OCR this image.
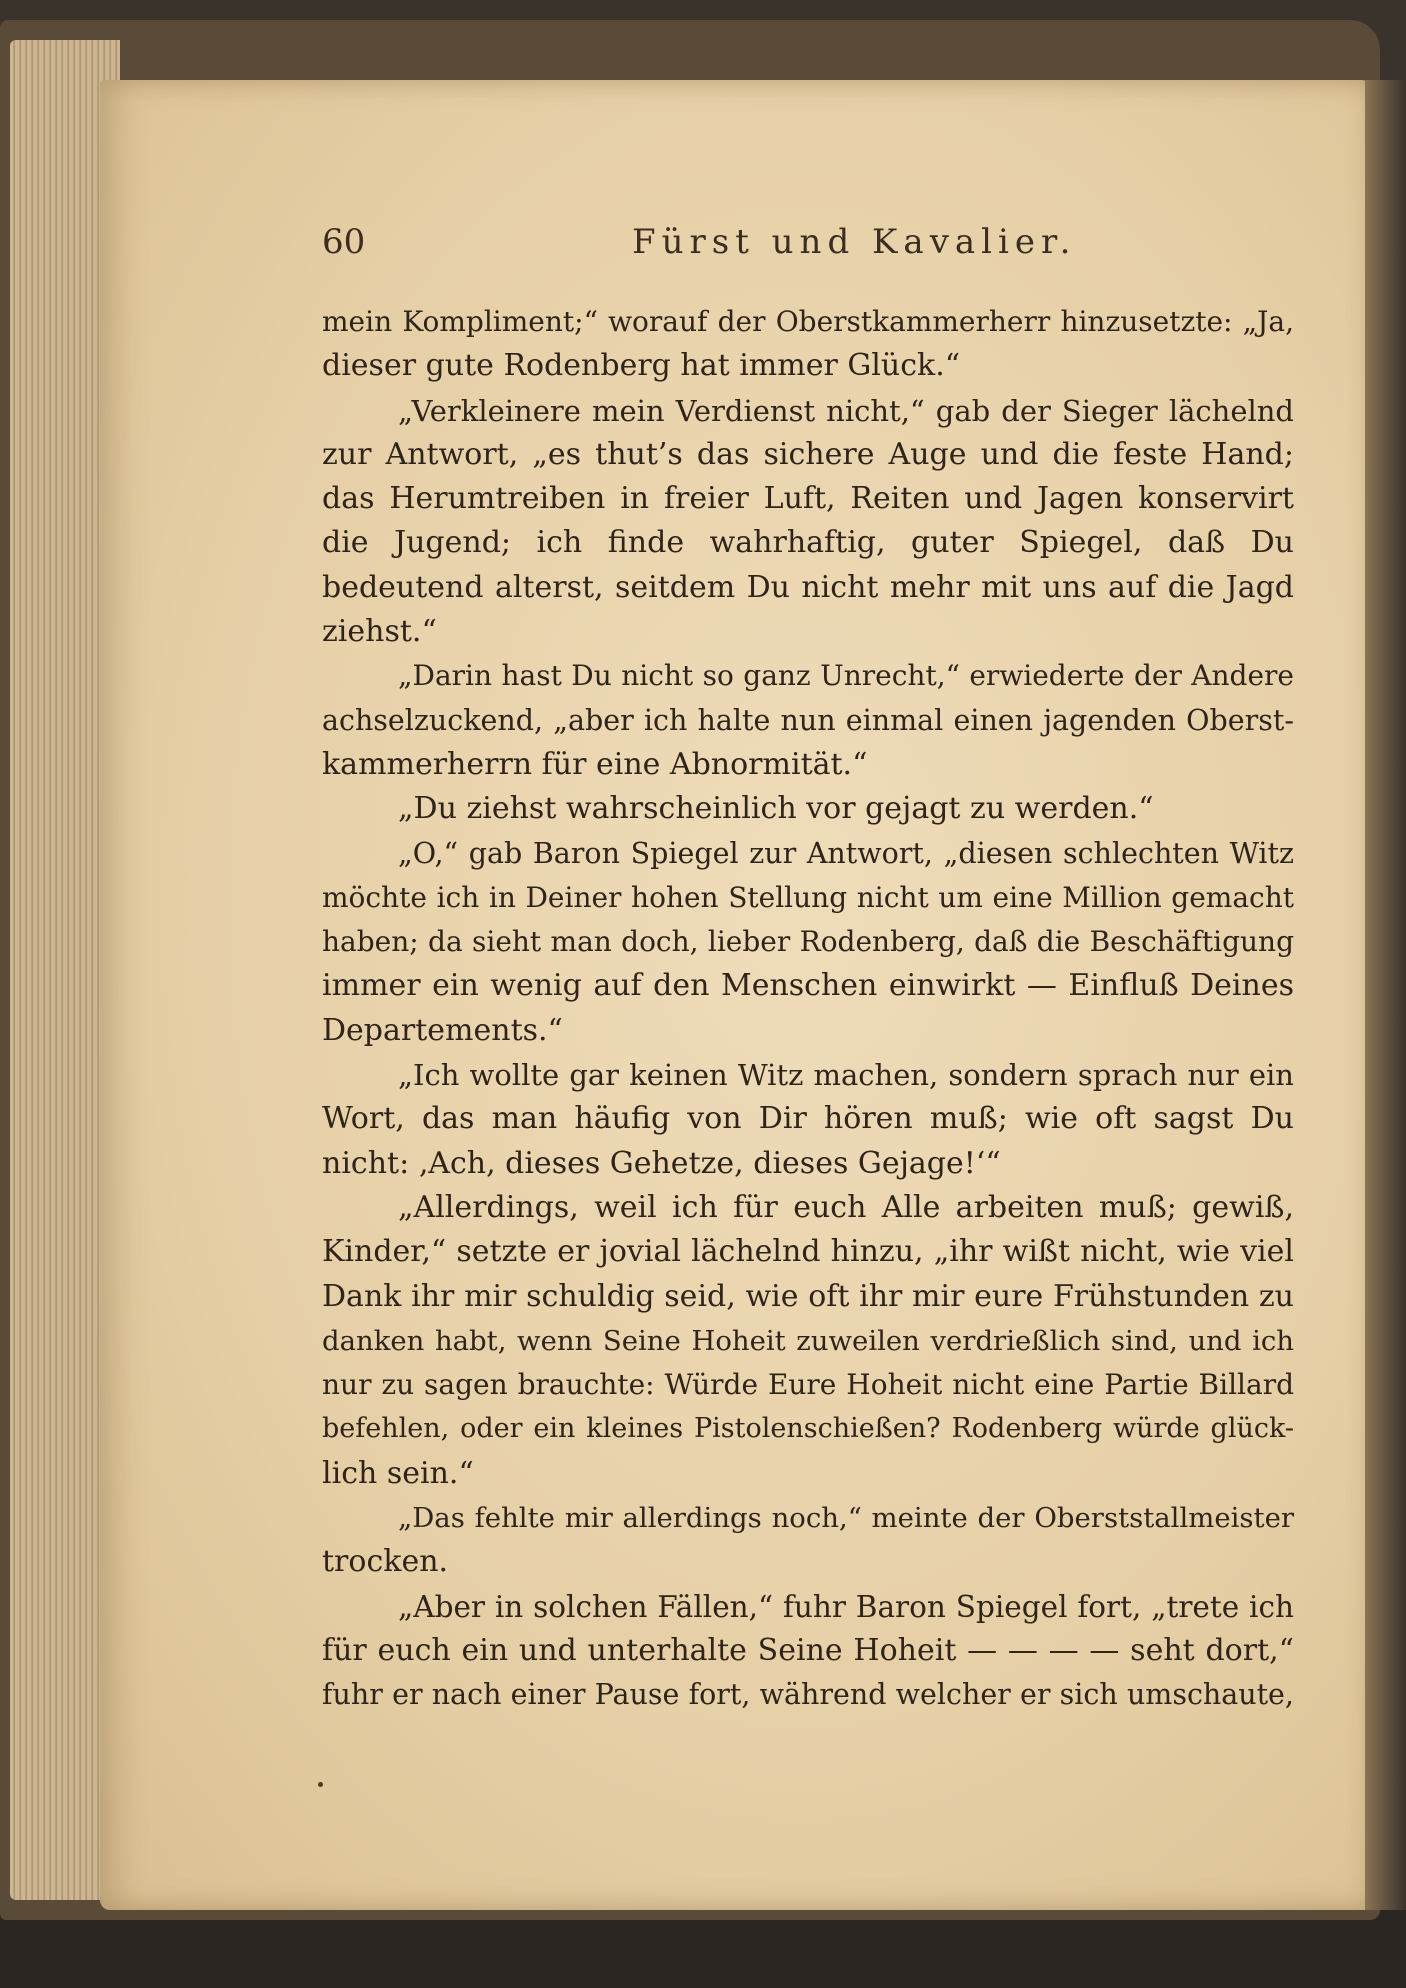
60	Fürst und Kavalier.
mein Kompliment;“ worauf der Oberstkammerherr hinzusetzte: „Ja,
dieser gute Rodenberg hat immer Glück.“
„Verkleinere mein Verdienst nicht,“ gab der Sieger lächelnd
zur Antwort, „es thut’s das sichere Auge und die feste Hand;
das Herumtreiben in freier Luft, Reiten und Jagen konservirt
die Jugend; ich finde wahrhaftig, guter Spiegel, daß Du
bedeutend alterst, seitdem Du nicht mehr mit uns auf die Jagd
ziehst.“
„Darin hast Du nicht so ganz Unrecht,“ erwiederte der Andere
achselzuckend, „aber ich halte nun einmal einen jagenden Oberst-
kammerherrn für eine Abnormität.“
„Du ziehst wahrscheinlich vor gejagt zu werden.“
„O,“ gab Baron Spiegel zur Antwort, „diesen schlechten Witz
möchte ich in Deiner hohen Stellung nicht um eine Million gemacht
haben; da sieht man doch, lieber Rodenberg, daß die Beschäftigung
immer ein wenig auf den Menschen einwirkt — Einfluß Deines
Departements.“
„Ich wollte gar keinen Witz machen, sondern sprach nur ein
Wort, das man häufig von Dir hören muß; wie oft sagst Du
nicht: ‚Ach, dieses Gehetze, dieses Gejage!‘“
„Allerdings, weil ich für euch Alle arbeiten muß; gewiß,
Kinder,“ setzte er jovial lächelnd hinzu, „ihr wißt nicht, wie viel
Dank ihr mir schuldig seid, wie oft ihr mir eure Frühstunden zu
danken habt, wenn Seine Hoheit zuweilen verdrießlich sind, und ich
nur zu sagen brauchte: Würde Eure Hoheit nicht eine Partie Billard
befehlen, oder ein kleines Pistolenschießen? Rodenberg würde glück-
lich sein.“
„Das fehlte mir allerdings noch,“ meinte der Oberststallmeister
trocken.
„Aber in solchen Fällen,“ fuhr Baron Spiegel fort, „trete ich
für euch ein und unterhalte Seine Hoheit — — — — seht dort,“
fuhr er nach einer Pause fort, während welcher er sich umschaute,
